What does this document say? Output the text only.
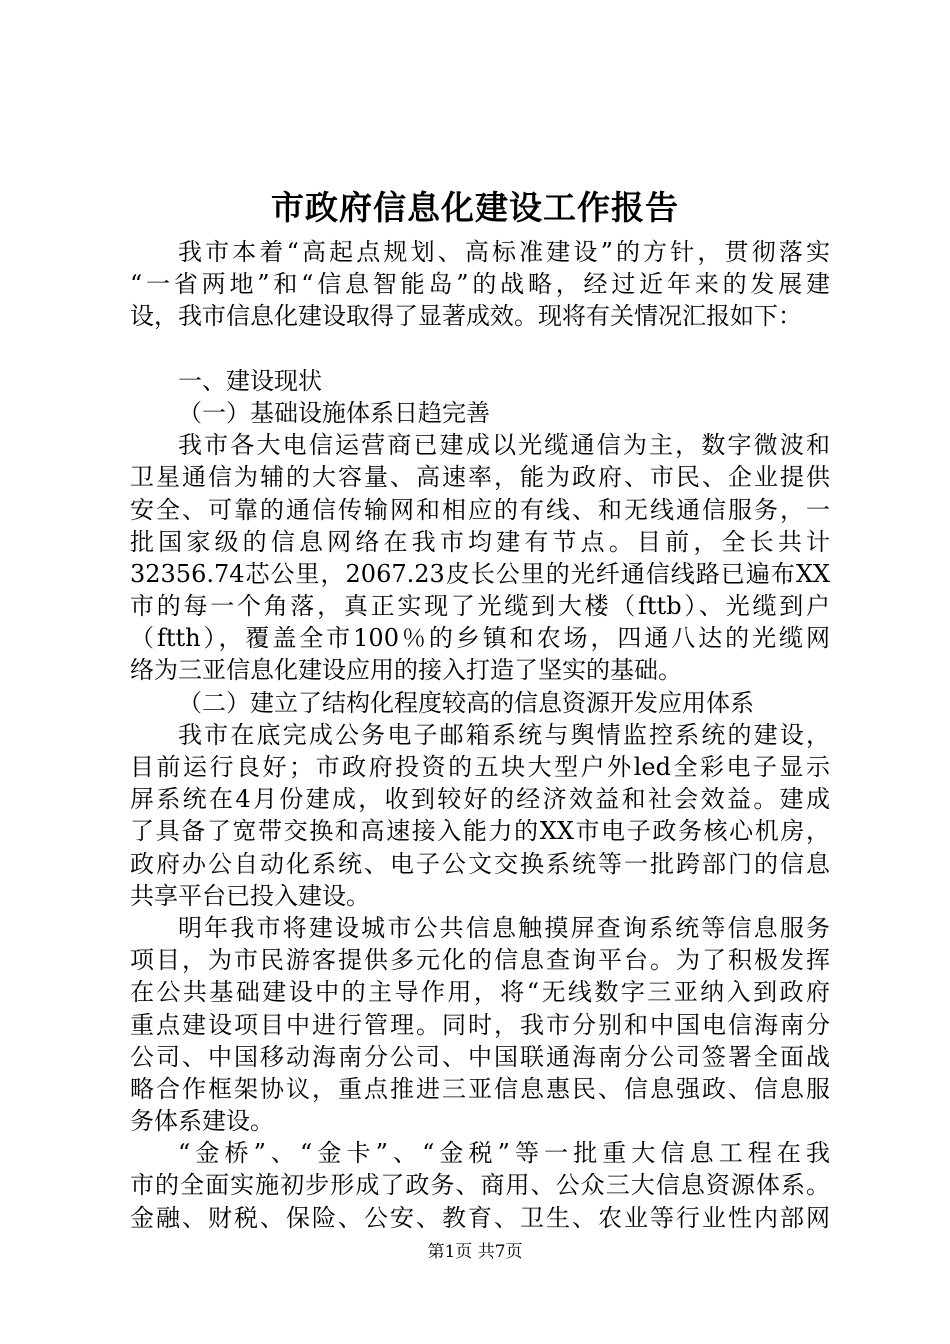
市政府信息化建设工作报告
我市本着“高起点规划、高标准建设”的方针，贯彻落实
“一省两地”和“信息智能岛”的战略，经过近年来的发展建
设，我市信息化建设取得了显著成效。现将有关情况汇报如下：
一、建设现状
（一）基础设施体系日趋完善
我市各大电信运营商已建成以光缆通信为主，数字微波和
卫星通信为辅的大容量、高速率，能为政府、市民、企业提供
安全、可靠的通信传输网和相应的有线、和无线通信服务，一
批国家级的信息网络在我市均建有节点。目前，全长共计
32356.74芯公里，2067.23皮长公里的光纤通信线路已遍布XX
市的每一个角落，真正实现了光缆到大楼（fttb）、光缆到户
（ftth），覆盖全市100％的乡镇和农场，四通八达的光缆网
络为三亚信息化建设应用的接入打造了坚实的基础。
（二）建立了结构化程度较高的信息资源开发应用体系
我市在底完成公务电子邮箱系统与舆情监控系统的建设，
目前运行良好；市政府投资的五块大型户外led全彩电子显示
屏系统在4月份建成，收到较好的经济效益和社会效益。建成
了具备了宽带交换和高速接入能力的XX市电子政务核心机房，
政府办公自动化系统、电子公文交换系统等一批跨部门的信息
共享平台已投入建设。
明年我市将建设城市公共信息触摸屏查询系统等信息服务
项目，为市民游客提供多元化的信息查询平台。为了积极发挥
在公共基础建设中的主导作用，将“无线数字三亚纳入到政府
重点建设项目中进行管理。同时，我市分别和中国电信海南分
公司、中国移动海南分公司、中国联通海南分公司签署全面战
略合作框架协议，重点推进三亚信息惠民、信息强政、信息服
务体系建设。
“金桥”、“金卡”、“金税”等一批重大信息工程在我
市的全面实施初步形成了政务、商用、公众三大信息资源体系。
金融、财税、保险、公安、教育、卫生、农业等行业性内部网
第1页 共7页
